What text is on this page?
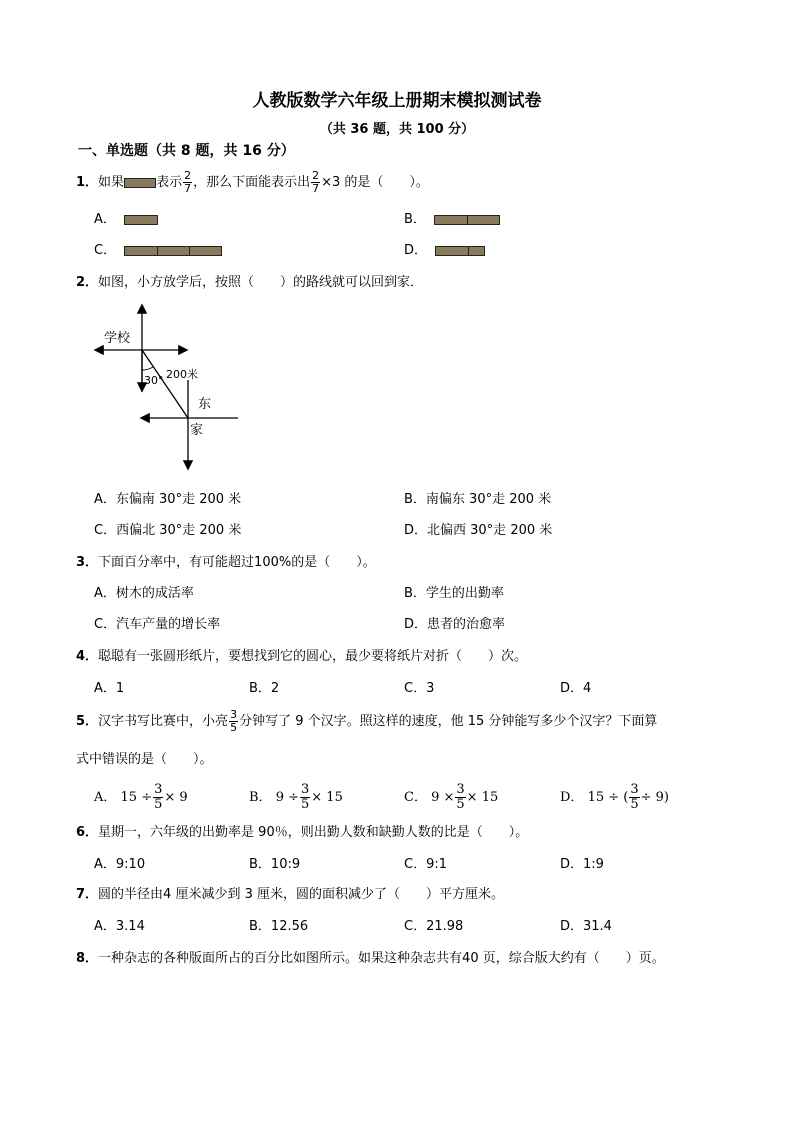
人教版数学六年级上册期末模拟测试卷
（共 36 题，共 100 分）
一、单选题（共 8 题，共 16 分）
1．如果 表示 $\frac{2}{7}$ ，那么下面能表示出 $\frac{2}{7} \times 3$ 的是（　　）。
A．	B．
C．	D．
2．如图，小方放学后，按照（　　）的路线就可以回到家．
学校
30° 200米
东
家
A．东偏南 30°走 200 米	B．南偏东 30°走 200 米
C．西偏北 30°走 200 米	D．北偏西 30°走 200 米
3．下面百分率中，有可能超过100%的是（　　）。
A．树木的成活率	B．学生的出勤率
C．汽车产量的增长率	D．患者的治愈率
4．聪聪有一张圆形纸片，要想找到它的圆心，最少要将纸片对折（　　）次。
A．1	B．2	C．3	D．4
5．汉字书写比赛中，小亮 $\frac{3}{5}$ 分钟写了 9 个汉字。照这样的速度，他 15 分钟能写多少个汉字？下面算
式中错误的是（　　）。
A． $15 \div \frac{3}{5} \times 9$	B． $9 \div \frac{3}{5} \times 15$	C． $9 \times \frac{3}{5} \times 15$	D． 15 ÷ ( $\frac{3}{5} \div 9$)
6．星期一，六年级的出勤率是 90％，则出勤人数和缺勤人数的比是（　　）。
A．9:10	B．10:9	C．9:1	D．1:9
7．圆的半径由4 厘米减少到 3 厘米，圆的面积减少了（　　）平方厘米。
A．3.14	B．12.56	C．21.98	D．31.4
8．一种杂志的各种版面所占的百分比如图所示。如果这种杂志共有40 页，综合版大约有（　　）页。
